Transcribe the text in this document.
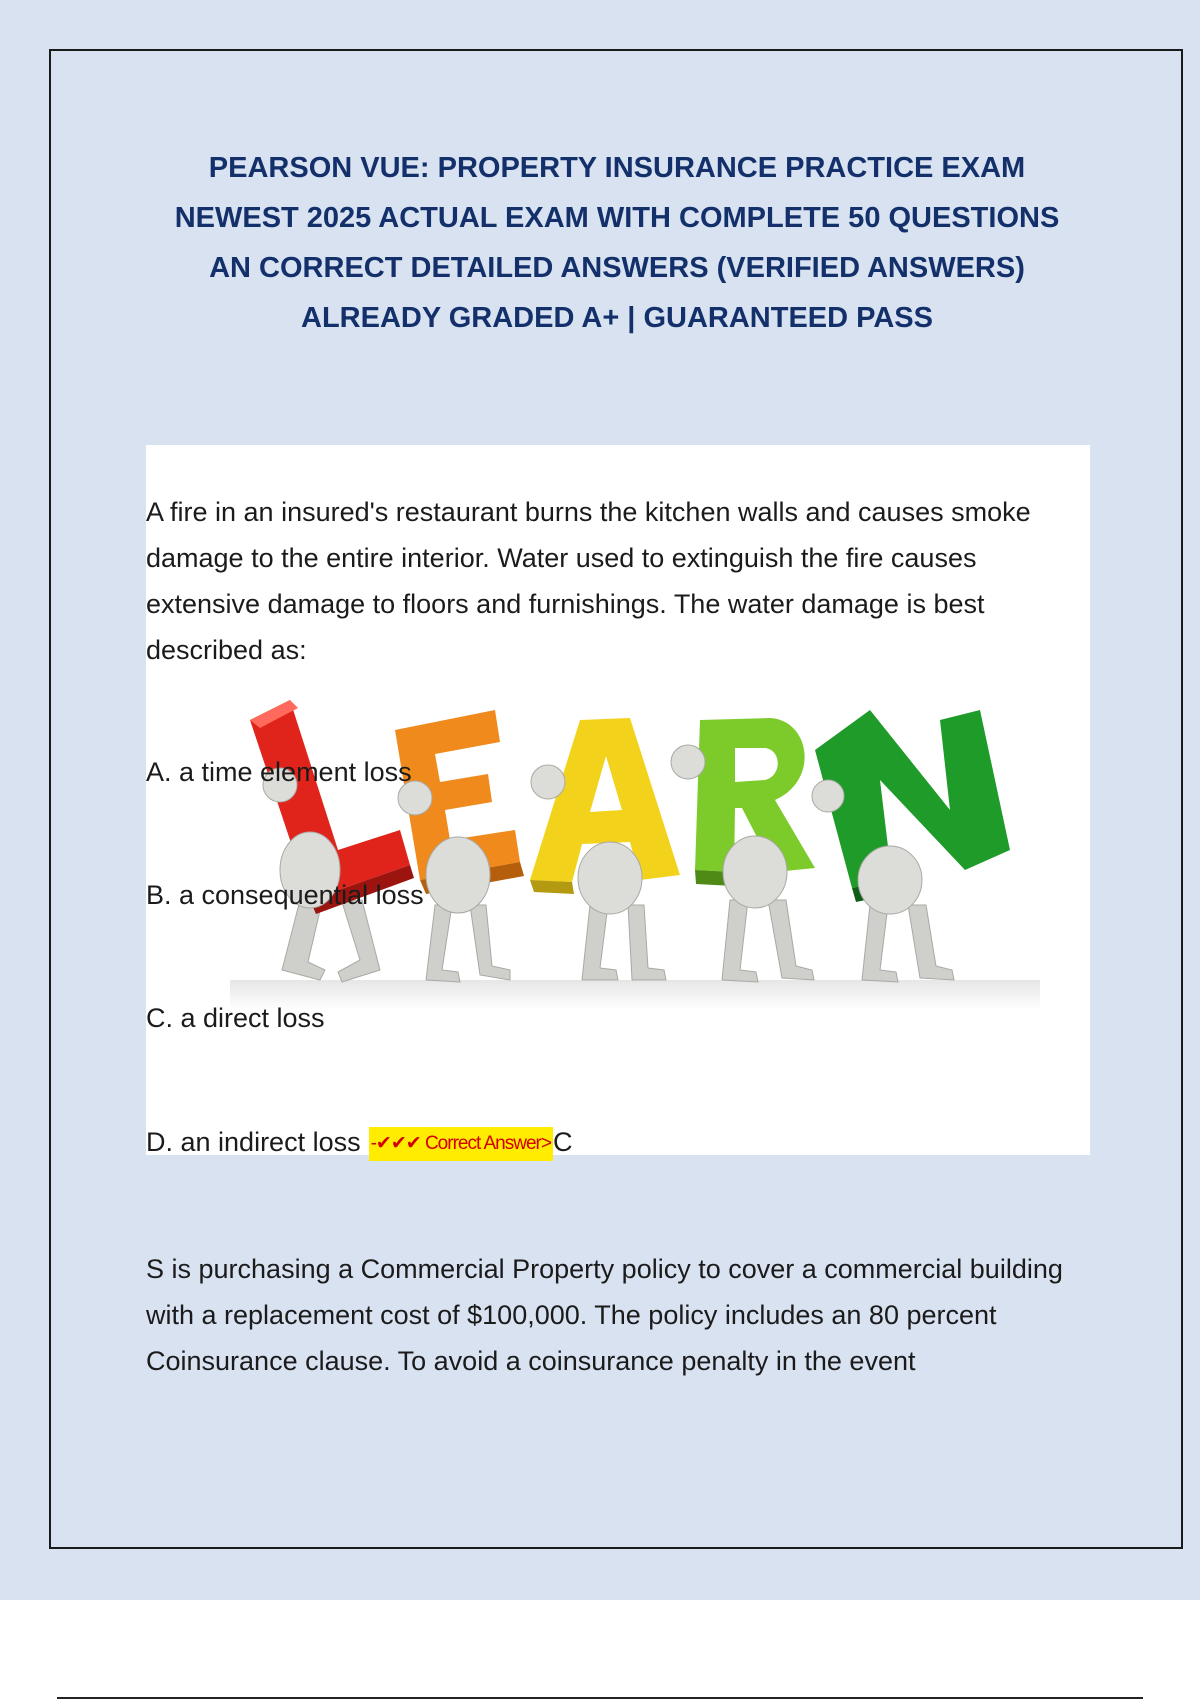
PEARSON VUE: PROPERTY INSURANCE PRACTICE EXAM
NEWEST 2025 ACTUAL EXAM WITH COMPLETE 50 QUESTIONS
AN CORRECT DETAILED ANSWERS (VERIFIED ANSWERS)
ALREADY GRADED A+ | GUARANTEED PASS

A fire in an insured's restaurant burns the kitchen walls and causes smoke damage to the entire interior. Water used to extinguish the fire causes extensive damage to floors and furnishings. The water damage is best described as:

A. a time element loss

B. a consequential loss

C. a direct loss

D. an indirect loss -✔✔✔ Correct Answer>C

S is purchasing a Commercial Property policy to cover a commercial building with a replacement cost of $100,000. The policy includes an 80 percent Coinsurance clause. To avoid a coinsurance penalty in the event
